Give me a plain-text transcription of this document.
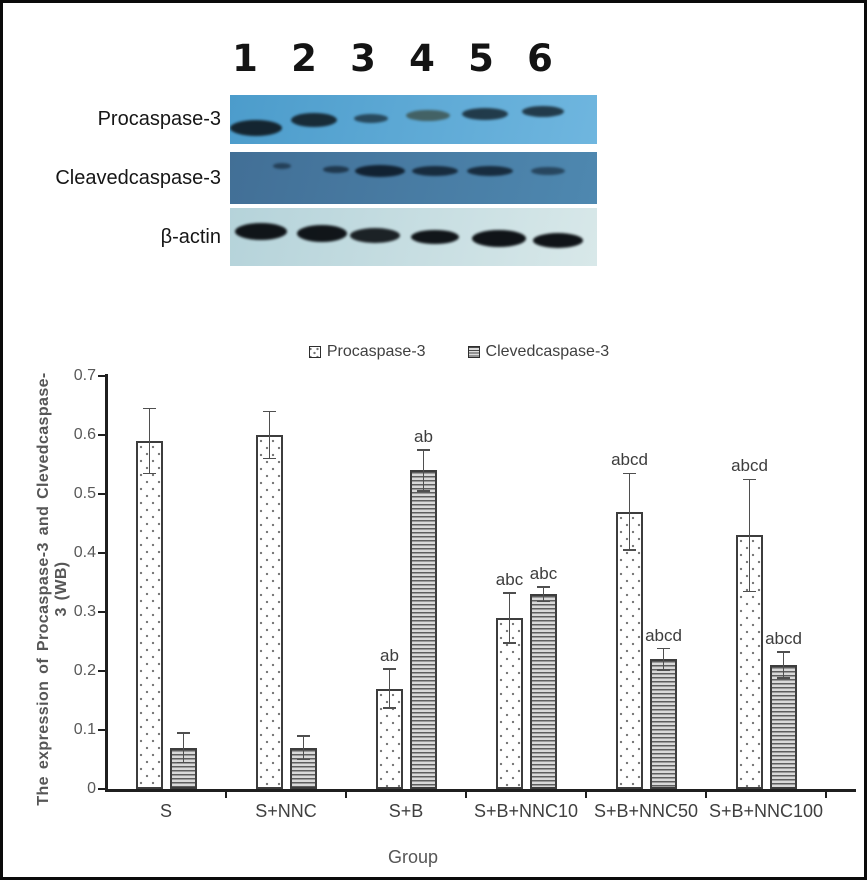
1 2 3 4 5 6
Procaspase-3
Cleavedcaspase-3
β-actin
Procaspase-3	Clevedcaspase-3
The expression of Procaspase-3 and Clevedcaspase-3 (WB)
Group
0
0.1
0.2
0.3
0.4
0.5
0.6
0.7
S	S+NNC	S+B	S+B+NNC10 S+B+NNC50 S+B+NNC100
ab
abc
abcd	abcd
ab
abc
abcd	abcd
